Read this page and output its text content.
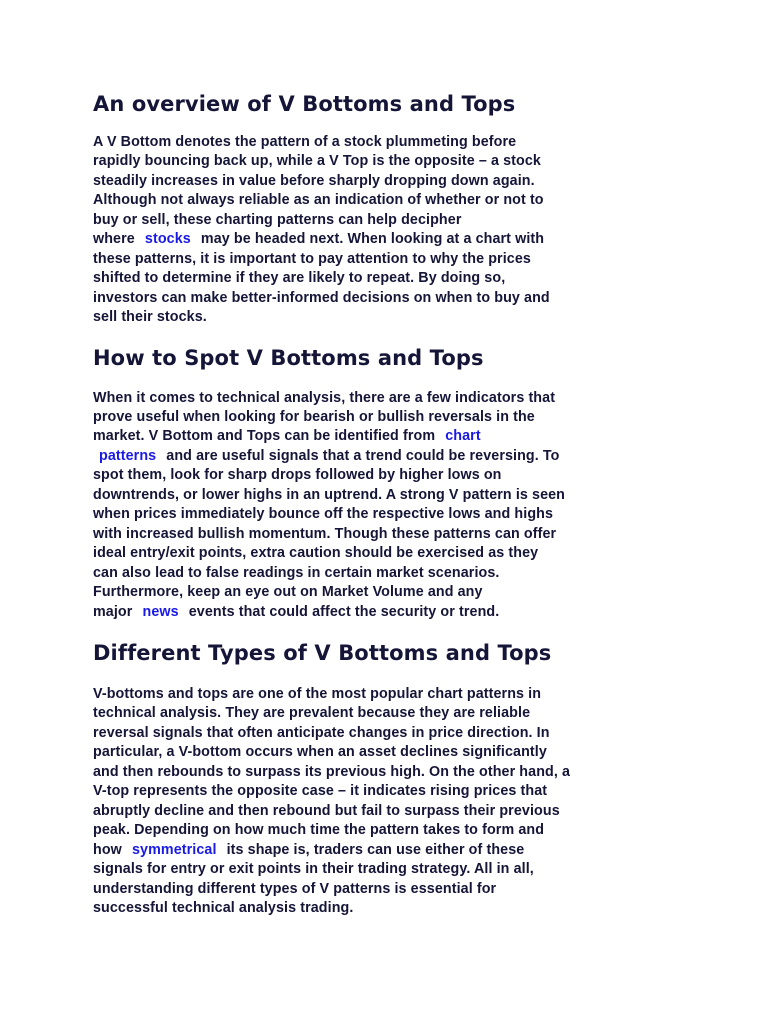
An overview of V Bottoms and Tops

A V Bottom denotes the pattern of a stock plummeting before
rapidly bouncing back up, while a V Top is the opposite – a stock
steadily increases in value before sharply dropping down again.
Although not always reliable as an indication of whether or not to
buy or sell, these charting patterns can help decipher
where stocks may be headed next. When looking at a chart with
these patterns, it is important to pay attention to why the prices
shifted to determine if they are likely to repeat. By doing so,
investors can make better-informed decisions on when to buy and
sell their stocks.

How to Spot V Bottoms and Tops

When it comes to technical analysis, there are a few indicators that
prove useful when looking for bearish or bullish reversals in the
market. V Bottom and Tops can be identified from chart
patterns and are useful signals that a trend could be reversing. To
spot them, look for sharp drops followed by higher lows on
downtrends, or lower highs in an uptrend. A strong V pattern is seen
when prices immediately bounce off the respective lows and highs
with increased bullish momentum. Though these patterns can offer
ideal entry/exit points, extra caution should be exercised as they
can also lead to false readings in certain market scenarios.
Furthermore, keep an eye out on Market Volume and any
major news events that could affect the security or trend.

Different Types of V Bottoms and Tops

V-bottoms and tops are one of the most popular chart patterns in
technical analysis. They are prevalent because they are reliable
reversal signals that often anticipate changes in price direction. In
particular, a V-bottom occurs when an asset declines significantly
and then rebounds to surpass its previous high. On the other hand, a
V-top represents the opposite case – it indicates rising prices that
abruptly decline and then rebound but fail to surpass their previous
peak. Depending on how much time the pattern takes to form and
how symmetrical its shape is, traders can use either of these
signals for entry or exit points in their trading strategy. All in all,
understanding different types of V patterns is essential for
successful technical analysis trading.
